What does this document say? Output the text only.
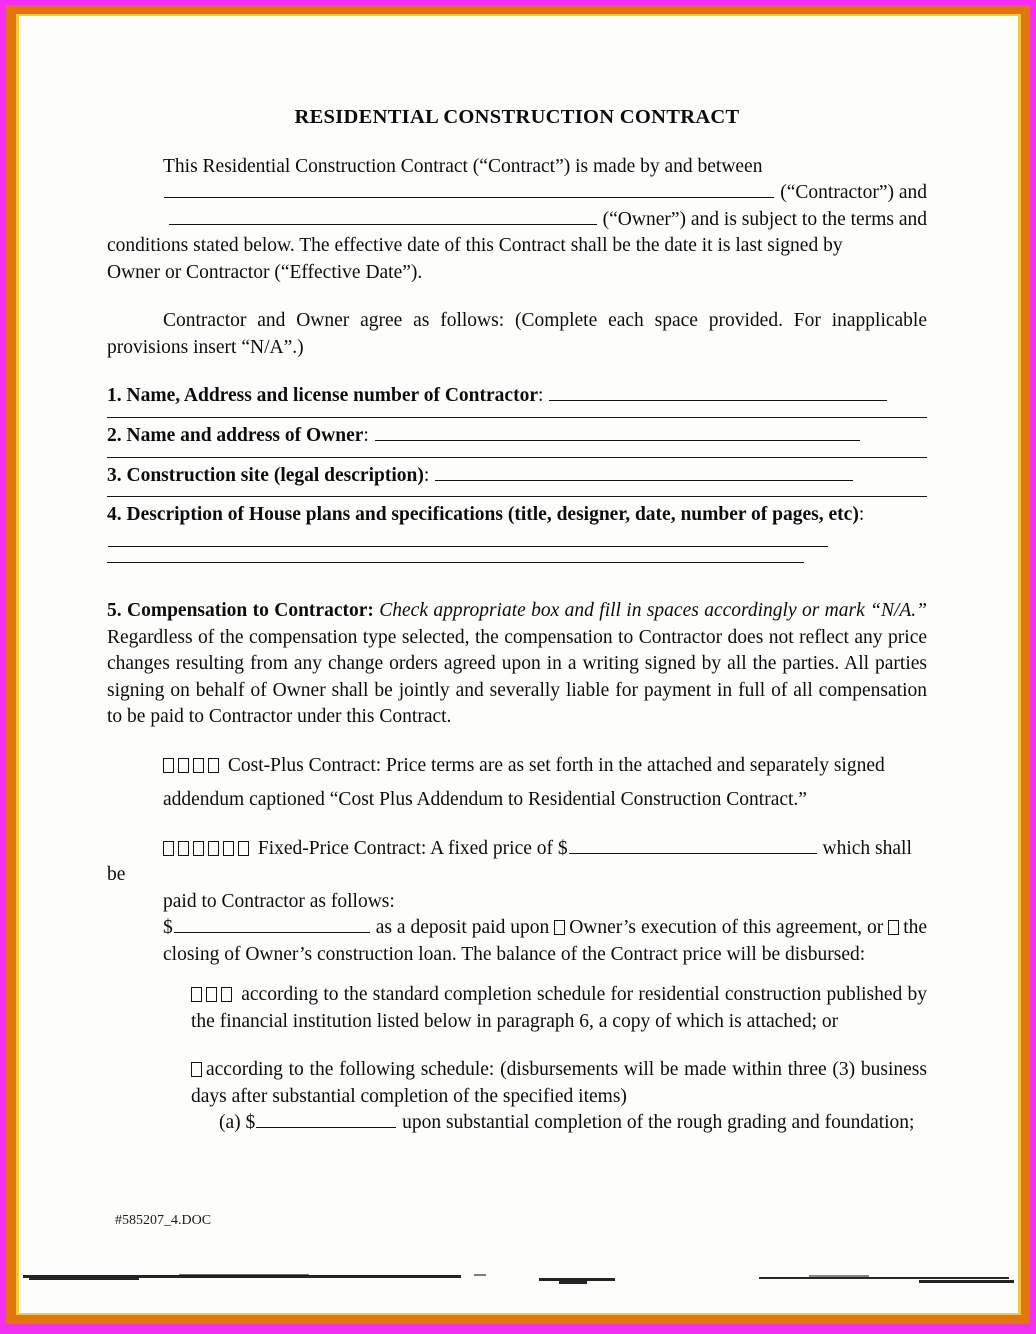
RESIDENTIAL CONSTRUCTION CONTRACT

This Residential Construction Contract (“Contract”) is made by and between

(“Contractor”) and

(“Owner”) and is subject to the terms and

conditions stated below. The effective date of this Contract shall be the date it is last signed by

Owner or Contractor (“Effective Date”).

Contractor and Owner agree as follows: (Complete each space provided. For inapplicable provisions insert “N/A”.)

1. Name, Address and license number of Contractor:

2. Name and address of Owner:

3. Construction site (legal description):

4. Description of House plans and specifications (title, designer, date, number of pages, etc):

5. Compensation to Contractor: Check appropriate box and fill in spaces accordingly or mark “N/A.” Regardless of the compensation type selected, the compensation to Contractor does not reflect any price changes resulting from any change orders agreed upon in a writing signed by all the parties. All parties signing on behalf of Owner shall be jointly and severally liable for payment in full of all compensation to be paid to Contractor under this Contract.

Cost-Plus Contract: Price terms are as set forth in the attached and separately signed

addendum captioned “Cost Plus Addendum to Residential Construction Contract.”

Fixed-Price Contract: A fixed price of $	which shall be

paid to Contractor as follows:

$	as a deposit paid upon Owner’s execution of this agreement, or the closing of Owner’s construction loan. The balance of the Contract price will be disbursed:

according to the standard completion schedule for residential construction published by the financial institution listed below in paragraph 6, a copy of which is attached; or

according to the following schedule: (disbursements will be made within three (3) business days after substantial completion of the specified items)

(a) $	upon substantial completion of the rough grading and foundation;

#585207_4.DOC
